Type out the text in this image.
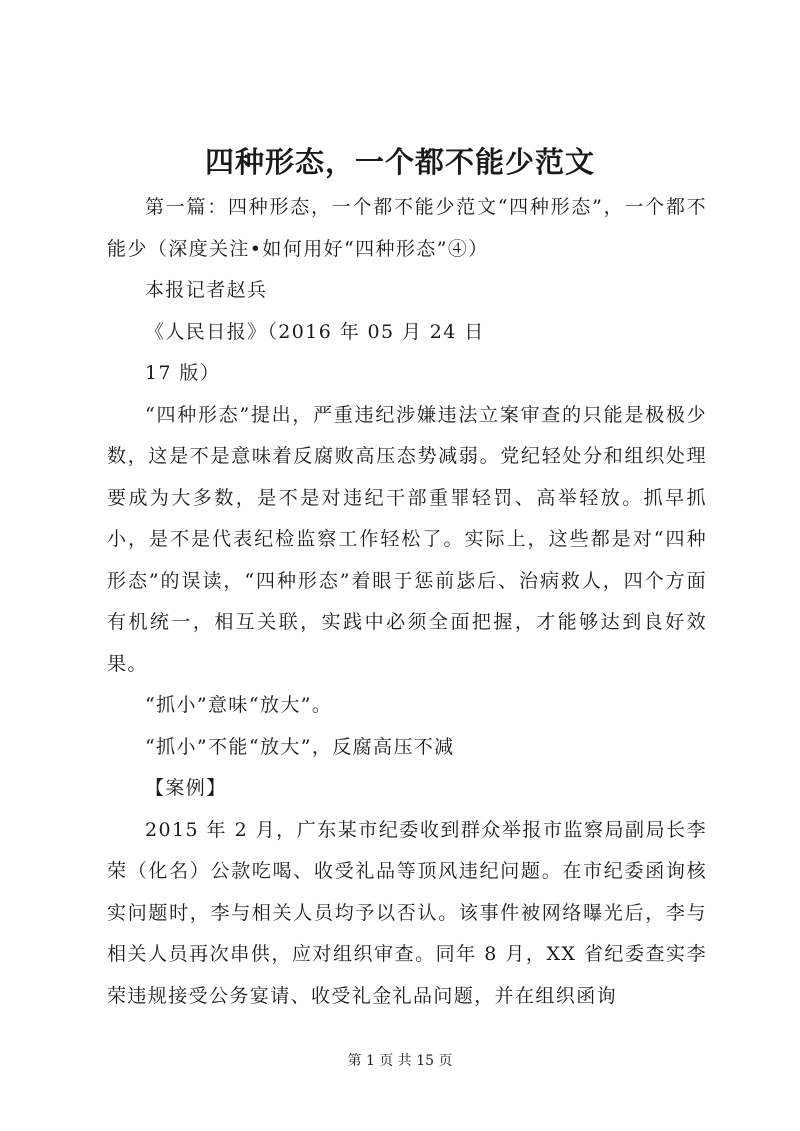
四种形态，一个都不能少范文

第一篇：四种形态，一个都不能少范文“四种形态”，一个都不能少（深度关注•如何用好“四种形态”④）

本报记者赵兵

《人民日报》（2016 年 05 月 24 日

17 版）

“四种形态”提出，严重违纪涉嫌违法立案审查的只能是极极少数，这是不是意味着反腐败高压态势减弱。党纪轻处分和组织处理要成为大多数，是不是对违纪干部重罪轻罚、高举轻放。抓早抓小，是不是代表纪检监察工作轻松了。实际上，这些都是对“四种形态”的误读，“四种形态”着眼于惩前毖后、治病救人，四个方面有机统一，相互关联，实践中必须全面把握，才能够达到良好效果。

“抓小”意味“放大”。

“抓小”不能“放大”，反腐高压不减

【案例】

2015 年 2 月，广东某市纪委收到群众举报市监察局副局长李荣（化名）公款吃喝、收受礼品等顶风违纪问题。在市纪委函询核实问题时，李与相关人员均予以否认。该事件被网络曝光后，李与相关人员再次串供，应对组织审查。同年 8 月，XX 省纪委查实李荣违规接受公务宴请、收受礼金礼品问题，并在组织函询

第 1 页 共 15 页
